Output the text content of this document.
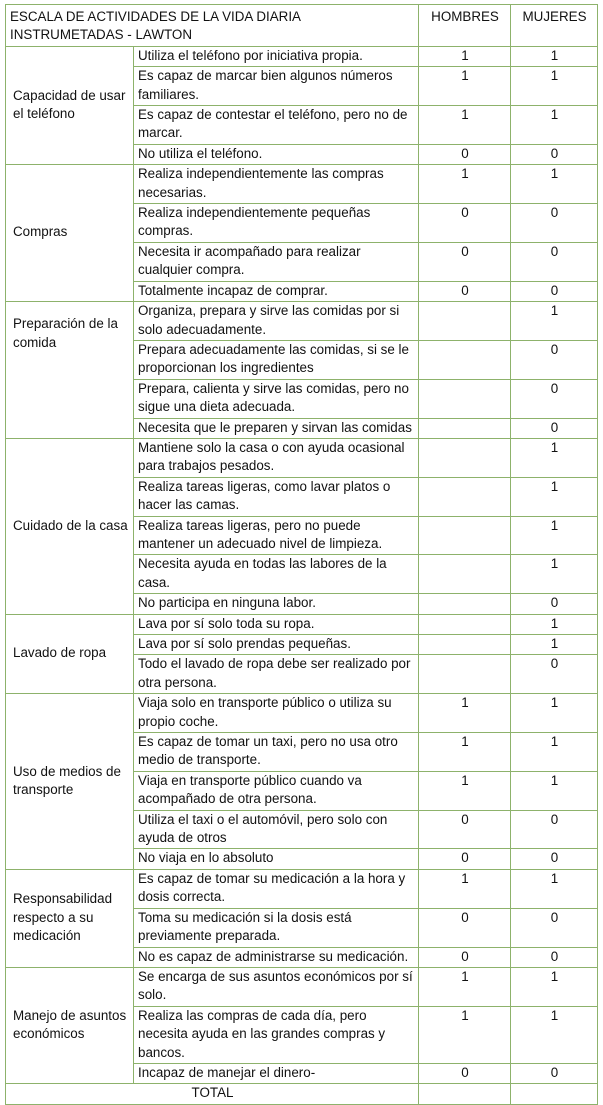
ESCALA DE ACTIVIDADES DE LA VIDA DIARIA
INSTRUMETADAS - LAWTON		HOMBRES	MUJERES
Capacidad de usar el teléfono	Utiliza el teléfono por iniciativa propia.	1	1
	Es capaz de marcar bien algunos números familiares.	1	1
	Es capaz de contestar el teléfono, pero no de marcar.	1	1
	No utiliza el teléfono.	0	0
Compras	Realiza independientemente las compras necesarias.	1	1
	Realiza independientemente pequeñas compras.	0	0
	Necesita ir acompañado para realizar cualquier compra.	0	0
	Totalmente incapaz de comprar.	0	0
Preparación de la comida	Organiza, prepara y sirve las comidas por si solo adecuadamente.		1
	Prepara adecuadamente las comidas, si se le proporcionan los ingredientes		0
	Prepara, calienta y sirve las comidas, pero no sigue una dieta adecuada.		0
	Necesita que le preparen y sirvan las comidas		0
Cuidado de la casa	Mantiene solo la casa o con ayuda ocasional para trabajos pesados.		1
	Realiza tareas ligeras, como lavar platos o hacer las camas.		1
	Realiza tareas ligeras, pero no puede mantener un adecuado nivel de limpieza.		1
	Necesita ayuda en todas las labores de la casa.		1
	No participa en ninguna labor.		0
Lavado de ropa	Lava por sí solo toda su ropa.		1
	Lava por sí solo prendas pequeñas.		1
	Todo el lavado de ropa debe ser realizado por otra persona.		0
Uso de medios de transporte	Viaja solo en transporte público o utiliza su propio coche.	1	1
	Es capaz de tomar un taxi, pero no usa otro medio de transporte.	1	1
	Viaja en transporte público cuando va acompañado de otra persona.	1	1
	Utiliza el taxi o el automóvil, pero solo con ayuda de otros	0	0
	No viaja en lo absoluto	0	0
Responsabilidad respecto a su medicación	Es capaz de tomar su medicación a la hora y dosis correcta.	1	1
	Toma su medicación si la dosis está previamente preparada.	0	0
	No es capaz de administrarse su medicación.	0	0
Manejo de asuntos económicos	Se encarga de sus asuntos económicos por sí solo.	1	1
	Realiza las compras de cada día, pero necesita ayuda en las grandes compras y bancos.	1	1
	Incapaz de manejar el dinero-	0	0
TOTAL			
